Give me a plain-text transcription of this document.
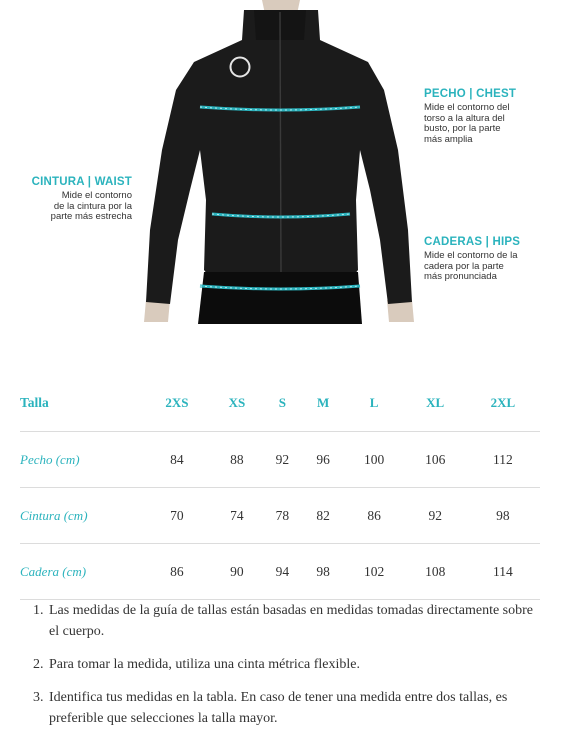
PECHO | CHEST
Mide el contorno del
torso a la altura del
busto, por la parte
más amplia
CINTURA | WAIST
Mide el contorno
de la cintura por la
parte más estrecha
CADERAS | HIPS
Mide el contorno de la
cadera por la parte
más pronunciada
Talla	2XS	XS	S	M	L	XL	2XL
Pecho (cm)	84	88	92	96	100	106	112
Cintura (cm)	70	74	78	82	86	92	98
Cadera (cm)	86	90	94	98	102	108	114
1. Las medidas de la guía de tallas están basadas en medidas tomadas directamente sobre el cuerpo.
2. Para tomar la medida, utiliza una cinta métrica flexible.
3. Identifica tus medidas en la tabla. En caso de tener una medida entre dos tallas, es preferible que selecciones la talla mayor.
